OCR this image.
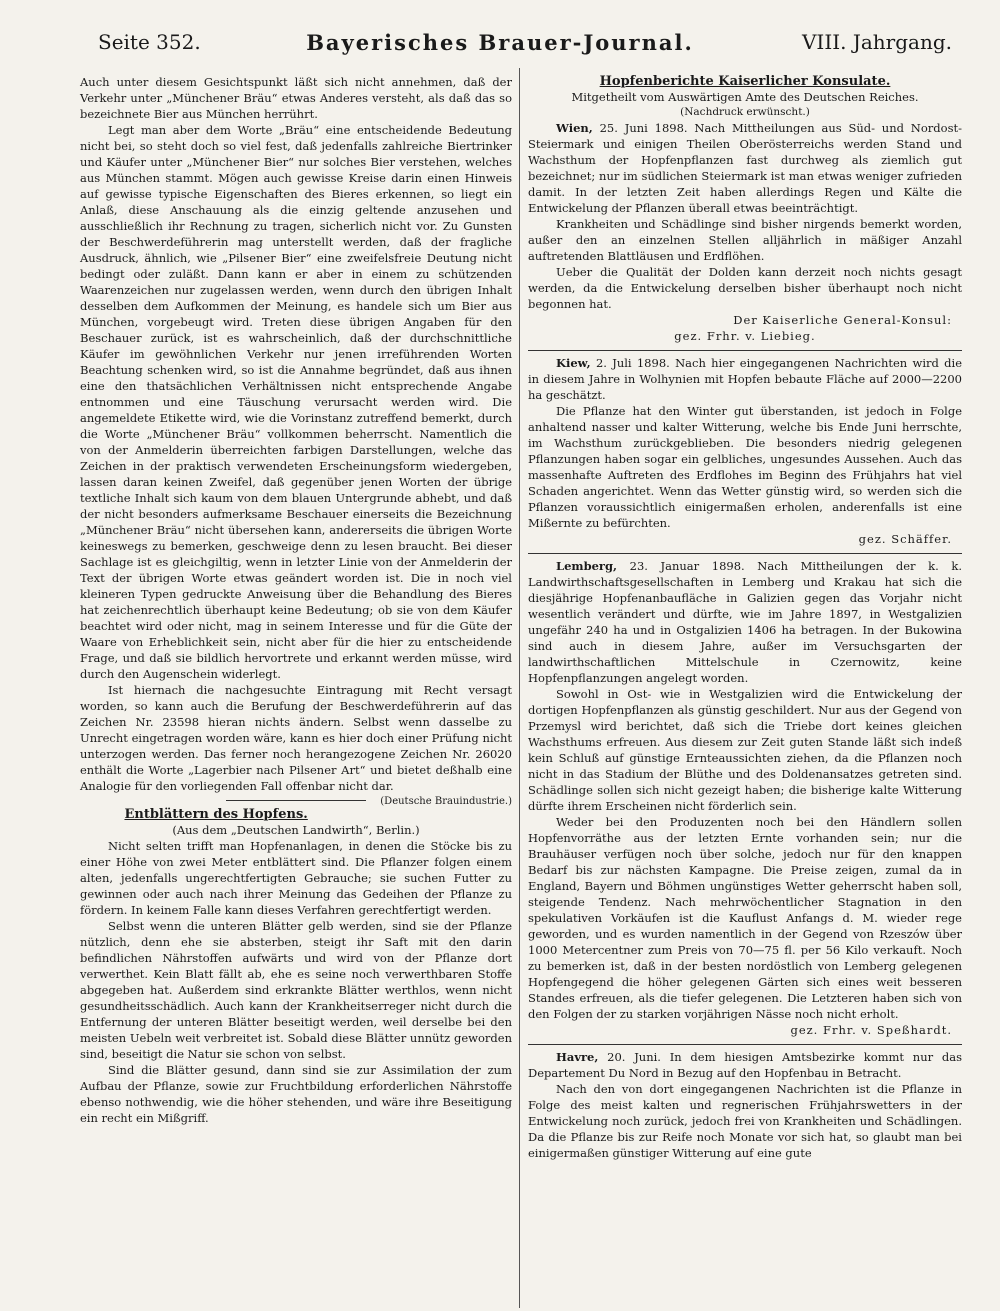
Seite 352.	Bayerisches Brauer-Journal.	VIII. Jahrgang.

Auch unter diesem Gesichtspunkt läßt sich nicht annehmen, daß der Verkehr unter „Münchener Bräu“ etwas Anderes versteht, als daß das so bezeichnete Bier aus München herrührt.

Legt man aber dem Worte „Bräu“ eine entscheidende Bedeutung nicht bei, so steht doch so viel fest, daß jedenfalls zahlreiche Biertrinker und Käufer unter „Münchener Bier“ nur solches Bier verstehen, welches aus München stammt. Mögen auch gewisse Kreise darin einen Hinweis auf gewisse typische Eigenschaften des Bieres erkennen, so liegt ein Anlaß, diese Anschauung als die einzig geltende anzusehen und ausschließlich ihr Rechnung zu tragen, sicherlich nicht vor. Zu Gunsten der Beschwerdeführerin mag unterstellt werden, daß der fragliche Ausdruck, ähnlich, wie „Pilsener Bier“ eine zweifelsfreie Deutung nicht bedingt oder zuläßt. Dann kann er aber in einem zu schützenden Waarenzeichen nur zugelassen werden, wenn durch den übrigen Inhalt desselben dem Aufkommen der Meinung, es handele sich um Bier aus München, vorgebeugt wird. Treten diese übrigen Angaben für den Beschauer zurück, ist es wahrscheinlich, daß der durchschnittliche Käufer im gewöhnlichen Verkehr nur jenen irreführenden Worten Beachtung schenken wird, so ist die Annahme begründet, daß aus ihnen eine den thatsächlichen Verhältnissen nicht entsprechende Angabe entnommen und eine Täuschung verursacht werden wird. Die angemeldete Etikette wird, wie die Vorinstanz zutreffend bemerkt, durch die Worte „Münchener Bräu“ vollkommen beherrscht. Namentlich die von der Anmelderin überreichten farbigen Darstellungen, welche das Zeichen in der praktisch verwendeten Erscheinungsform wiedergeben, lassen daran keinen Zweifel, daß gegenüber jenen Worten der übrige textliche Inhalt sich kaum von dem blauen Untergrunde abhebt, und daß der nicht besonders aufmerksame Beschauer einerseits die Bezeichnung „Münchener Bräu“ nicht übersehen kann, andererseits die übrigen Worte keineswegs zu bemerken, geschweige denn zu lesen braucht. Bei dieser Sachlage ist es gleichgiltig, wenn in letzter Linie von der Anmelderin der Text der übrigen Worte etwas geändert worden ist. Die in noch viel kleineren Typen gedruckte Anweisung über die Behandlung des Bieres hat zeichenrechtlich überhaupt keine Bedeutung; ob sie von dem Käufer beachtet wird oder nicht, mag in seinem Interesse und für die Güte der Waare von Erheblichkeit sein, nicht aber für die hier zu entscheidende Frage, und daß sie bildlich hervortrete und erkannt werden müsse, wird durch den Augenschein widerlegt.

Ist hiernach die nachgesuchte Eintragung mit Recht versagt worden, so kann auch die Berufung der Beschwerdeführerin auf das Zeichen Nr. 23598 hieran nichts ändern. Selbst wenn dasselbe zu Unrecht eingetragen worden wäre, kann es hier doch einer Prüfung nicht unterzogen werden. Das ferner noch herangezogene Zeichen Nr. 26020 enthält die Worte „Lagerbier nach Pilsener Art“ und bietet deßhalb eine Analogie für den vorliegenden Fall offenbar nicht dar.
(Deutsche Brauindustrie.)

Entblättern des Hopfens.
(Aus dem „Deutschen Landwirth“, Berlin.)

Nicht selten trifft man Hopfenanlagen, in denen die Stöcke bis zu einer Höhe von zwei Meter entblättert sind. Die Pflanzer folgen einem alten, jedenfalls ungerechtfertigten Gebrauche; sie suchen Futter zu gewinnen oder auch nach ihrer Meinung das Gedeihen der Pflanze zu fördern. In keinem Falle kann dieses Verfahren gerechtfertigt werden.

Selbst wenn die unteren Blätter gelb werden, sind sie der Pflanze nützlich, denn ehe sie absterben, steigt ihr Saft mit den darin befindlichen Nährstoffen aufwärts und wird von der Pflanze dort verwerthet. Kein Blatt fällt ab, ehe es seine noch verwerthbaren Stoffe abgegeben hat. Außerdem sind erkrankte Blätter werthlos, wenn nicht gesundheitsschädlich. Auch kann der Krankheitserreger nicht durch die Entfernung der unteren Blätter beseitigt werden, weil derselbe bei den meisten Uebeln weit verbreitet ist. Sobald diese Blätter unnütz geworden sind, beseitigt die Natur sie schon von selbst.

Sind die Blätter gesund, dann sind sie zur Assimilation der zum Aufbau der Pflanze, sowie zur Fruchtbildung erforderlichen Nährstoffe ebenso nothwendig, wie die höher stehenden, und wäre ihre Beseitigung ein recht ein Mißgriff.

Hopfenberichte Kaiserlicher Konsulate.
Mitgetheilt vom Auswärtigen Amte des Deutschen Reiches.
(Nachdruck erwünscht.)

Wien, 25. Juni 1898. Nach Mittheilungen aus Süd- und Nordost-Steiermark und einigen Theilen Oberösterreichs werden Stand und Wachsthum der Hopfenpflanzen fast durchweg als ziemlich gut bezeichnet; nur im südlichen Steiermark ist man etwas weniger zufrieden damit. In der letzten Zeit haben allerdings Regen und Kälte die Entwickelung der Pflanzen überall etwas beeinträchtigt.

Krankheiten und Schädlinge sind bisher nirgends bemerkt worden, außer den an einzelnen Stellen alljährlich in mäßiger Anzahl auftretenden Blattläusen und Erdflöhen.

Ueber die Qualität der Dolden kann derzeit noch nichts gesagt werden, da die Entwickelung derselben bisher überhaupt noch nicht begonnen hat.

Der Kaiserliche General-Konsul:
gez. Frhr. v. Liebieg.

Kiew, 2. Juli 1898. Nach hier eingegangenen Nachrichten wird die in diesem Jahre in Wolhynien mit Hopfen bebaute Fläche auf 2000—2200 ha geschätzt.

Die Pflanze hat den Winter gut überstanden, ist jedoch in Folge anhaltend nasser und kalter Witterung, welche bis Ende Juni herrschte, im Wachsthum zurückgeblieben. Die besonders niedrig gelegenen Pflanzungen haben sogar ein gelbliches, ungesundes Aussehen. Auch das massenhafte Auftreten des Erdflohes im Beginn des Frühjahrs hat viel Schaden angerichtet. Wenn das Wetter günstig wird, so werden sich die Pflanzen voraussichtlich einigermaßen erholen, anderenfalls ist eine Mißernte zu befürchten.

gez. Schäffer.

Lemberg, 23. Januar 1898. Nach Mittheilungen der k. k. Landwirthschaftsgesellschaften in Lemberg und Krakau hat sich die diesjährige Hopfenanbaufläche in Galizien gegen das Vorjahr nicht wesentlich verändert und dürfte, wie im Jahre 1897, in Westgalizien ungefähr 240 ha und in Ostgalizien 1406 ha betragen. In der Bukowina sind auch in diesem Jahre, außer im Versuchsgarten der landwirthschaftlichen Mittelschule in Czernowitz, keine Hopfenpflanzungen angelegt worden.

Sowohl in Ost- wie in Westgalizien wird die Entwickelung der dortigen Hopfenpflanzen als günstig geschildert. Nur aus der Gegend von Przemysl wird berichtet, daß sich die Triebe dort keines gleichen Wachsthums erfreuen. Aus diesem zur Zeit guten Stande läßt sich indeß kein Schluß auf günstige Ernteaussichten ziehen, da die Pflanzen noch nicht in das Stadium der Blüthe und des Doldenansatzes getreten sind. Schädlinge sollen sich nicht gezeigt haben; die bisherige kalte Witterung dürfte ihrem Erscheinen nicht förderlich sein.

Weder bei den Produzenten noch bei den Händlern sollen Hopfenvorräthe aus der letzten Ernte vorhanden sein; nur die Brauhäuser verfügen noch über solche, jedoch nur für den knappen Bedarf bis zur nächsten Kampagne. Die Preise zeigen, zumal da in England, Bayern und Böhmen ungünstiges Wetter geherrscht haben soll, steigende Tendenz. Nach mehrwöchentlicher Stagnation in den spekulativen Vorkäufen ist die Kauflust Anfangs d. M. wieder rege geworden, und es wurden namentlich in der Gegend von Rzeszów über 1000 Metercentner zum Preis von 70—75 fl. per 56 Kilo verkauft. Noch zu bemerken ist, daß in der besten nordöstlich von Lemberg gelegenen Hopfengegend die höher gelegenen Gärten sich eines weit besseren Standes erfreuen, als die tiefer gelegenen. Die Letzteren haben sich von den Folgen der zu starken vorjährigen Nässe noch nicht erholt.

gez. Frhr. v. Speßhardt.

Havre, 20. Juni. In dem hiesigen Amtsbezirke kommt nur das Departement Du Nord in Bezug auf den Hopfenbau in Betracht.

Nach den von dort eingegangenen Nachrichten ist die Pflanze in Folge des meist kalten und regnerischen Frühjahrswetters in der Entwickelung noch zurück, jedoch frei von Krankheiten und Schädlingen. Da die Pflanze bis zur Reife noch Monate vor sich hat, so glaubt man bei einigermaßen günstiger Witterung auf eine gute
